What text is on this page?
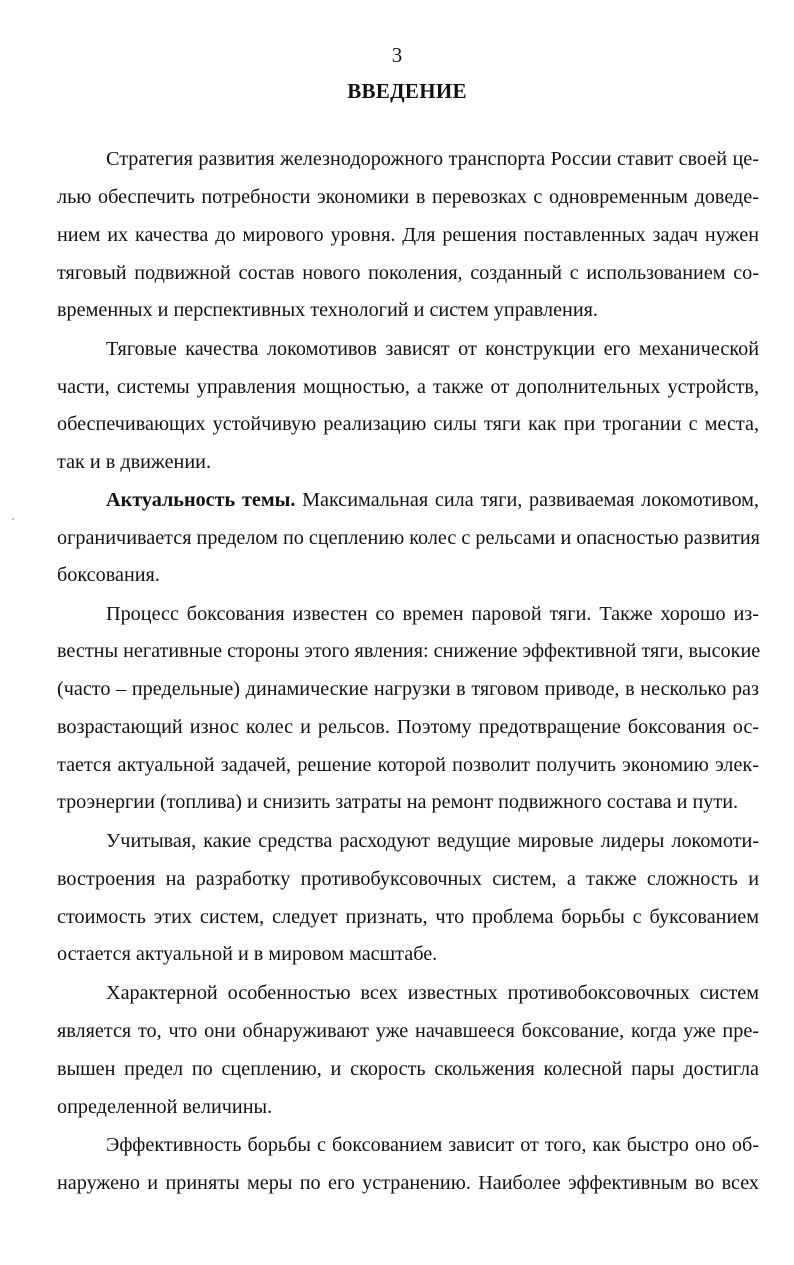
3
ВВЕДЕНИЕ
Стратегия развития железнодорожного транспорта России ставит своей це-
лью обеспечить потребности экономики в перевозках с одновременным доведе-
нием их качества до мирового уровня. Для решения поставленных задач нужен
тяговый подвижной состав нового поколения, созданный с использованием со-
временных и перспективных технологий и систем управления.
Тяговые качества локомотивов зависят от конструкции его механической
части, системы управления мощностью, а также от дополнительных устройств,
обеспечивающих устойчивую реализацию силы тяги как при трогании с места,
так и в движении.
Актуальность темы. Максимальная сила тяги, развиваемая локомотивом,
ограничивается пределом по сцеплению колес с рельсами и опасностью развития
боксования.
Процесс боксования известен со времен паровой тяги. Также хорошо из-
вестны негативные стороны этого явления: снижение эффективной тяги, высокие
(часто – предельные) динамические нагрузки в тяговом приводе, в несколько раз
возрастающий износ колес и рельсов. Поэтому предотвращение боксования ос-
тается актуальной задачей, решение которой позволит получить экономию элек-
троэнергии (топлива) и снизить затраты на ремонт подвижного состава и пути.
Учитывая, какие средства расходуют ведущие мировые лидеры локомоти-
востроения на разработку противобуксовочных систем, а также сложность и
стоимость этих систем, следует признать, что проблема борьбы с буксованием
остается актуальной и в мировом масштабе.
Характерной особенностью всех известных противобоксовочных систем
является то, что они обнаруживают уже начавшееся боксование, когда уже пре-
вышен предел по сцеплению, и скорость скольжения колесной пары достигла
определенной величины.
Эффективность борьбы с боксованием зависит от того, как быстро оно об-
наружено и приняты меры по его устранению. Наиболее эффективным во всех
